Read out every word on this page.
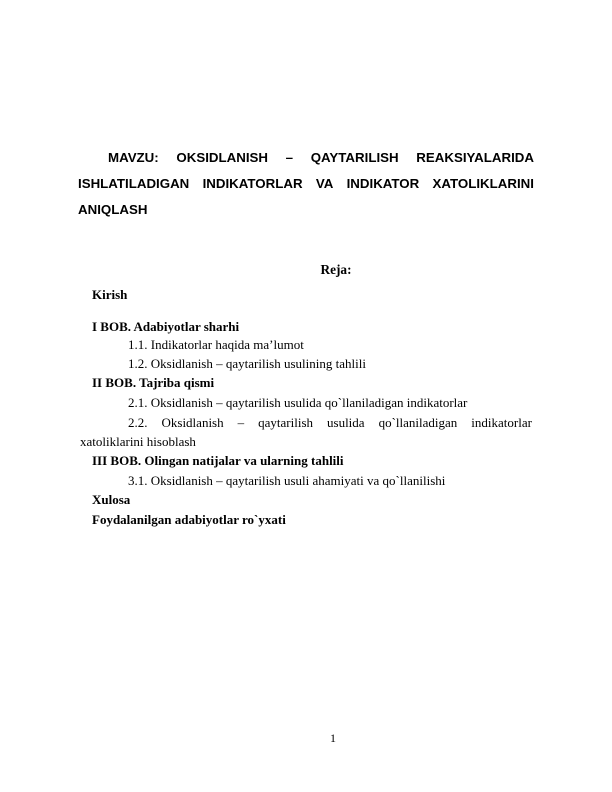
MAVZU: OKSIDLANISH – QAYTARILISH REAKSIYALARIDA
ISHLATILADIGAN INDIKATORLAR VA INDIKATOR XATOLIKLARINI
ANIQLASH
Reja:
Kirish
I BOB. Adabiyotlar sharhi
1.1. Indikatorlar haqida ma’lumot
1.2. Oksidlanish – qaytarilish usulining tahlili
II BOB. Tajriba qismi
2.1. Oksidlanish – qaytarilish usulida qo`llaniladigan indikatorlar
2.2. Oksidlanish – qaytarilish usulida qo`llaniladigan indikatorlar
xatoliklarini hisoblash
III BOB. Olingan natijalar va ularning tahlili
3.1. Oksidlanish – qaytarilish usuli ahamiyati va qo`llanilishi
Xulosa
Foydalanilgan adabiyotlar ro`yxati
1
